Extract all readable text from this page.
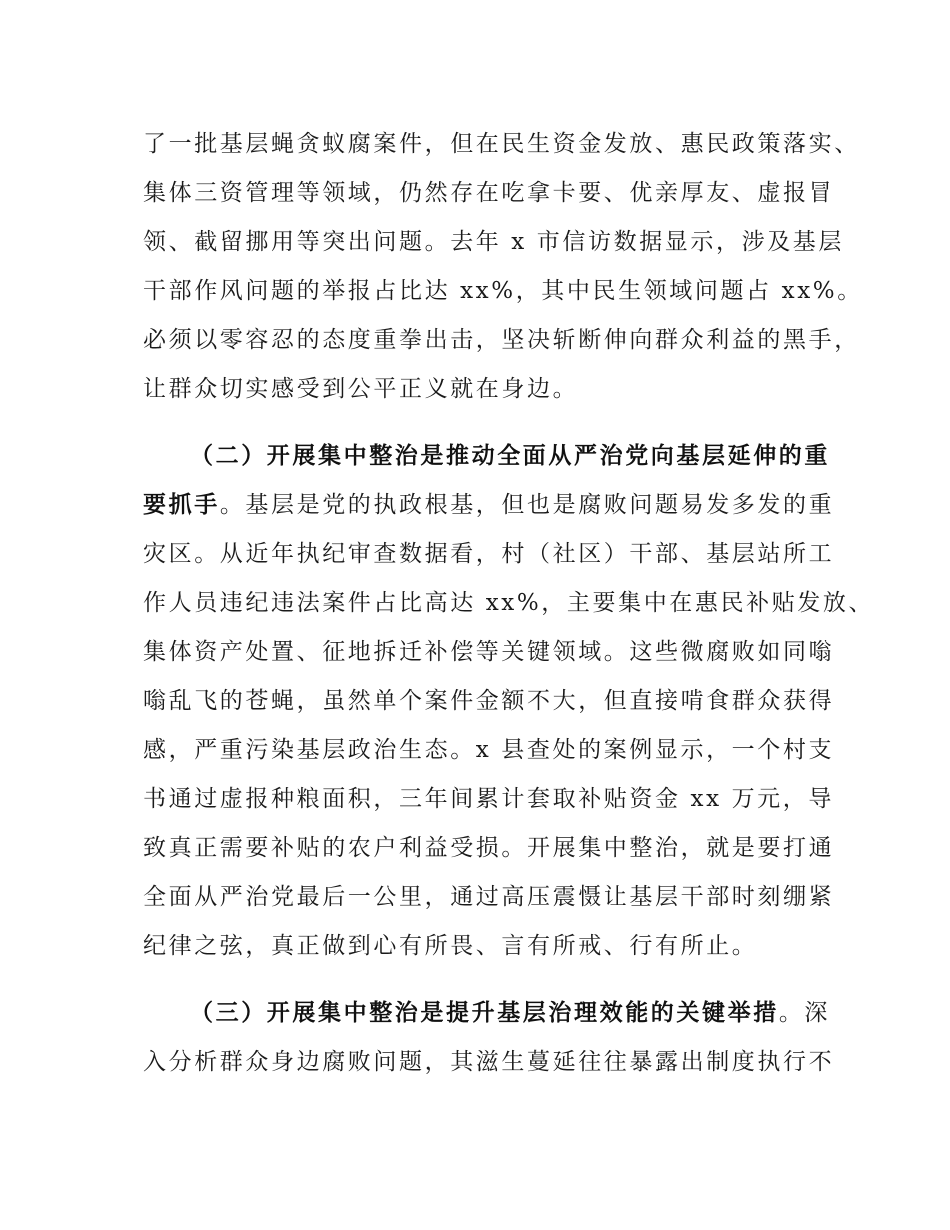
了一批基层蝇贪蚁腐案件，但在民生资金发放、惠民政策落实、
集体三资管理等领域，仍然存在吃拿卡要、优亲厚友、虚报冒
领、截留挪用等突出问题。去年 x 市信访数据显示，涉及基层
干部作风问题的举报占比达 xx%，其中民生领域问题占 xx%。
必须以零容忍的态度重拳出击，坚决斩断伸向群众利益的黑手，
让群众切实感受到公平正义就在身边。
（二）开展集中整治是推动全面从严治党向基层延伸的重
要抓手。基层是党的执政根基，但也是腐败问题易发多发的重
灾区。从近年执纪审查数据看，村（社区）干部、基层站所工
作人员违纪违法案件占比高达 xx%，主要集中在惠民补贴发放、
集体资产处置、征地拆迁补偿等关键领域。这些微腐败如同嗡
嗡乱飞的苍蝇，虽然单个案件金额不大，但直接啃食群众获得
感，严重污染基层政治生态。x 县查处的案例显示，一个村支
书通过虚报种粮面积，三年间累计套取补贴资金 xx 万元，导
致真正需要补贴的农户利益受损。开展集中整治，就是要打通
全面从严治党最后一公里，通过高压震慑让基层干部时刻绷紧
纪律之弦，真正做到心有所畏、言有所戒、行有所止。
（三）开展集中整治是提升基层治理效能的关键举措。深
入分析群众身边腐败问题，其滋生蔓延往往暴露出制度执行不
